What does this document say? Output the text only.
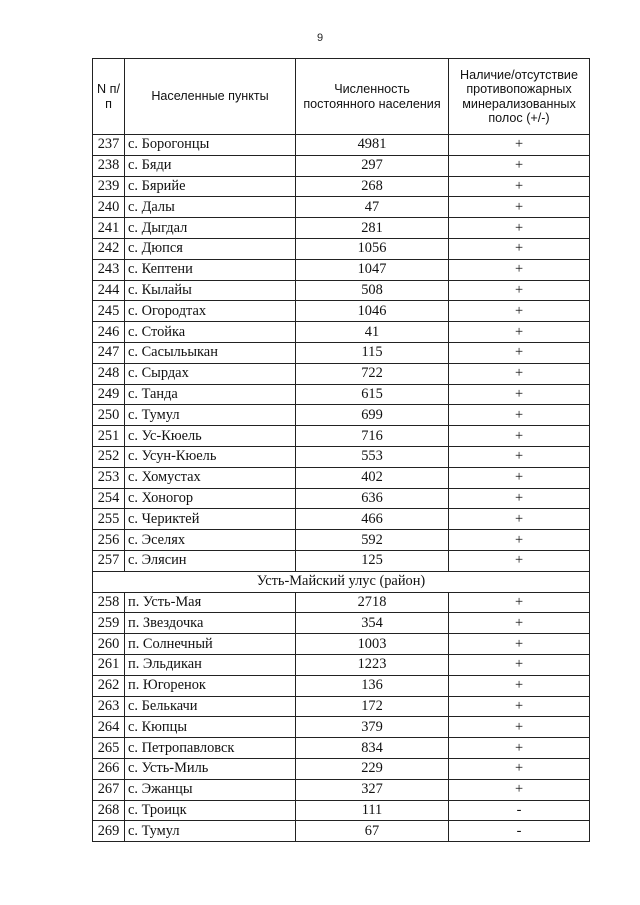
9
N п/п	Населенные пункты	Численность постоянного населения	Наличие/отсутствие противопожарных минерализованных полос (+/-)
237	с. Борогонцы	4981	+
238	с. Бяди	297	+
239	с. Бярийе	268	+
240	с. Далы	47	+
241	с. Дыгдал	281	+
242	с. Дюпся	1056	+
243	с. Кептени	1047	+
244	с. Кылайы	508	+
245	с. Огородтах	1046	+
246	с. Стойка	41	+
247	с. Сасыльыкан	115	+
248	с. Сырдах	722	+
249	с. Танда	615	+
250	с. Тумул	699	+
251	с. Ус-Кюель	716	+
252	с. Усун-Кюель	553	+
253	с. Хомустах	402	+
254	с. Хоногор	636	+
255	с. Чериктей	466	+
256	с. Эселях	592	+
257	с. Элясин	125	+
Усть-Майский улус (район)			
258	п. Усть-Мая	2718	+
259	п. Звездочка	354	+
260	п. Солнечный	1003	+
261	п. Эльдикан	1223	+
262	п. Югоренок	136	+
263	с. Белькачи	172	+
264	с. Кюпцы	379	+
265	с. Петропавловск	834	+
266	с. Усть-Миль	229	+
267	с. Эжанцы	327	+
268	с. Троицк	111	-
269	с. Тумул	67	-
